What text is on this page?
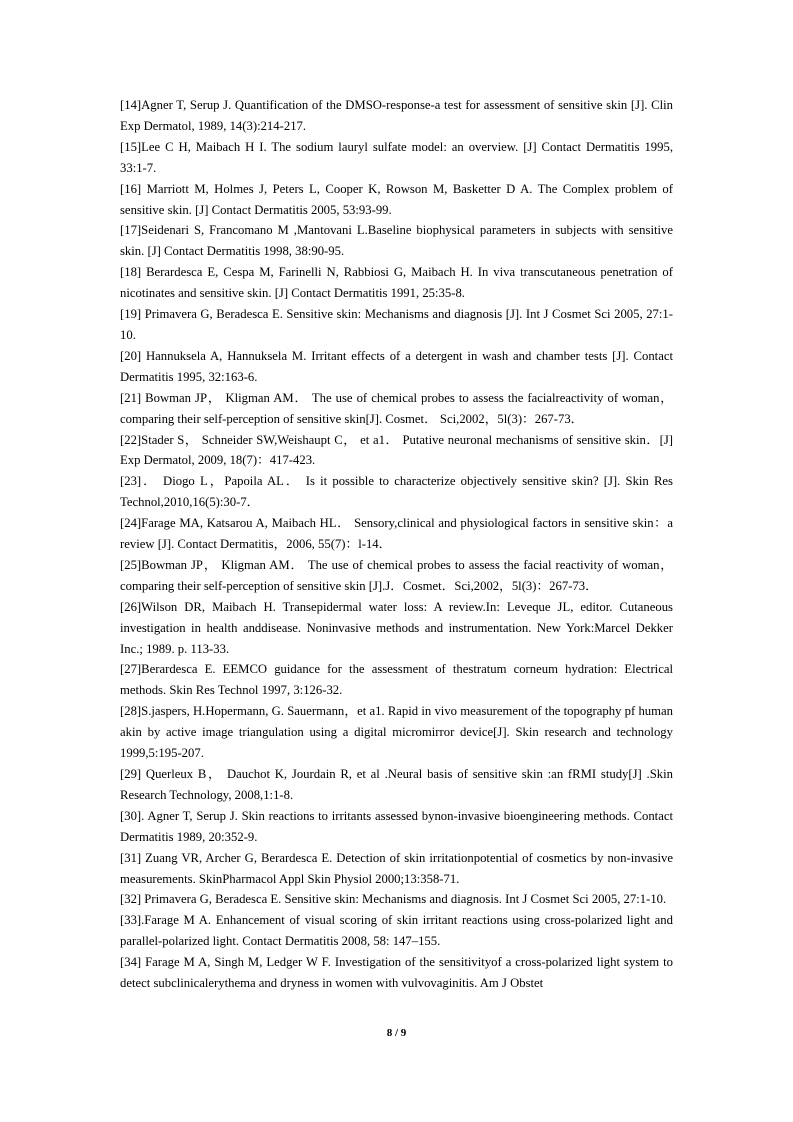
[14]Agner T, Serup J. Quantification of the DMSO-response-a test for assessment of sensitive skin [J]. Clin Exp Dermatol, 1989, 14(3):214-217.

[15]Lee C H, Maibach H I. The sodium lauryl sulfate model: an overview. [J] Contact Dermatitis 1995, 33:1-7.

[16] Marriott M, Holmes J, Peters L, Cooper K, Rowson M, Basketter D A. The Complex problem of sensitive skin. [J] Contact Dermatitis 2005, 53:93-99.

[17]Seidenari S, Francomano M ,Mantovani L.Baseline biophysical parameters in subjects with sensitive skin. [J] Contact Dermatitis 1998, 38:90-95.

[18] Berardesca E, Cespa M, Farinelli N, Rabbiosi G, Maibach H. In viva transcutaneous penetration of nicotinates and sensitive skin. [J] Contact Dermatitis 1991, 25:35-8.

[19] Primavera G, Beradesca E. Sensitive skin: Mechanisms and diagnosis [J]. Int J Cosmet Sci 2005, 27:1-10.

[20] Hannuksela A, Hannuksela M. Irritant effects of a detergent in wash and chamber tests [J]. Contact Dermatitis 1995, 32:163-6.

[21] Bowman JP， Kligman AM． The use of chemical probes to assess the facialreactivity of woman，comparing their self-perception of sensitive skin[J]. Cosmet． Sci,2002，5l(3)：267-73．

[22]Stader S， Schneider SW,Weishaupt C， et a1． Putative neuronal mechanisms of sensitive skin．[J] Exp Dermatol, 2009, 18(7)：417-423.

[23]． Diogo L，Papoila AL． Is it possible to characterize objectively sensitive skin? [J]. Skin Res Technol,2010,16(5):30-7．

[24]Farage MA, Katsarou A, Maibach HL． Sensory,clinical and physiological factors in sensitive skin：a review [J]. Contact Dermatitis，2006, 55(7)：l-14．

[25]Bowman JP， Kligman AM． The use of chemical probes to assess the facial reactivity of woman，comparing their self-perception of sensitive skin [J].J．Cosmet．Sci,2002，5l(3)：267-73．

[26]Wilson DR, Maibach H. Transepidermal water loss: A review.In: Leveque JL, editor. Cutaneous investigation in health anddisease. Noninvasive methods and instrumentation. New York:Marcel Dekker Inc.; 1989. p. 113-33.

[27]Berardesca E. EEMCO guidance for the assessment of thestratum corneum hydration: Electrical methods. Skin Res Technol 1997, 3:126-32.

[28]S.jaspers, H.Hopermann, G. Sauermann，et a1. Rapid in vivo measurement of the topography pf human akin by active image triangulation using a digital micromirror device[J]. Skin research and technology 1999,5:195-207.

[29] Querleux B， Dauchot K, Jourdain R, et al .Neural basis of sensitive skin :an fRMI study[J] .Skin Research Technology, 2008,1:1-8.

[30]. Agner T, Serup J. Skin reactions to irritants assessed bynon-invasive bioengineering methods. Contact Dermatitis 1989, 20:352-9.

[31] Zuang VR, Archer G, Berardesca E. Detection of skin irritationpotential of cosmetics by non-invasive measurements. SkinPharmacol Appl Skin Physiol 2000;13:358-71.

[32] Primavera G, Beradesca E. Sensitive skin: Mechanisms and diagnosis. Int J Cosmet Sci 2005, 27:1-10.

[33].Farage M A. Enhancement of visual scoring of skin irritant reactions using cross-polarized light and parallel-polarized light. Contact Dermatitis 2008, 58: 147–155.

[34] Farage M A, Singh M, Ledger W F. Investigation of the sensitivityof a cross-polarized light system to detect subclinicalerythema and dryness in women with vulvovaginitis. Am J Obstet

8 / 9
